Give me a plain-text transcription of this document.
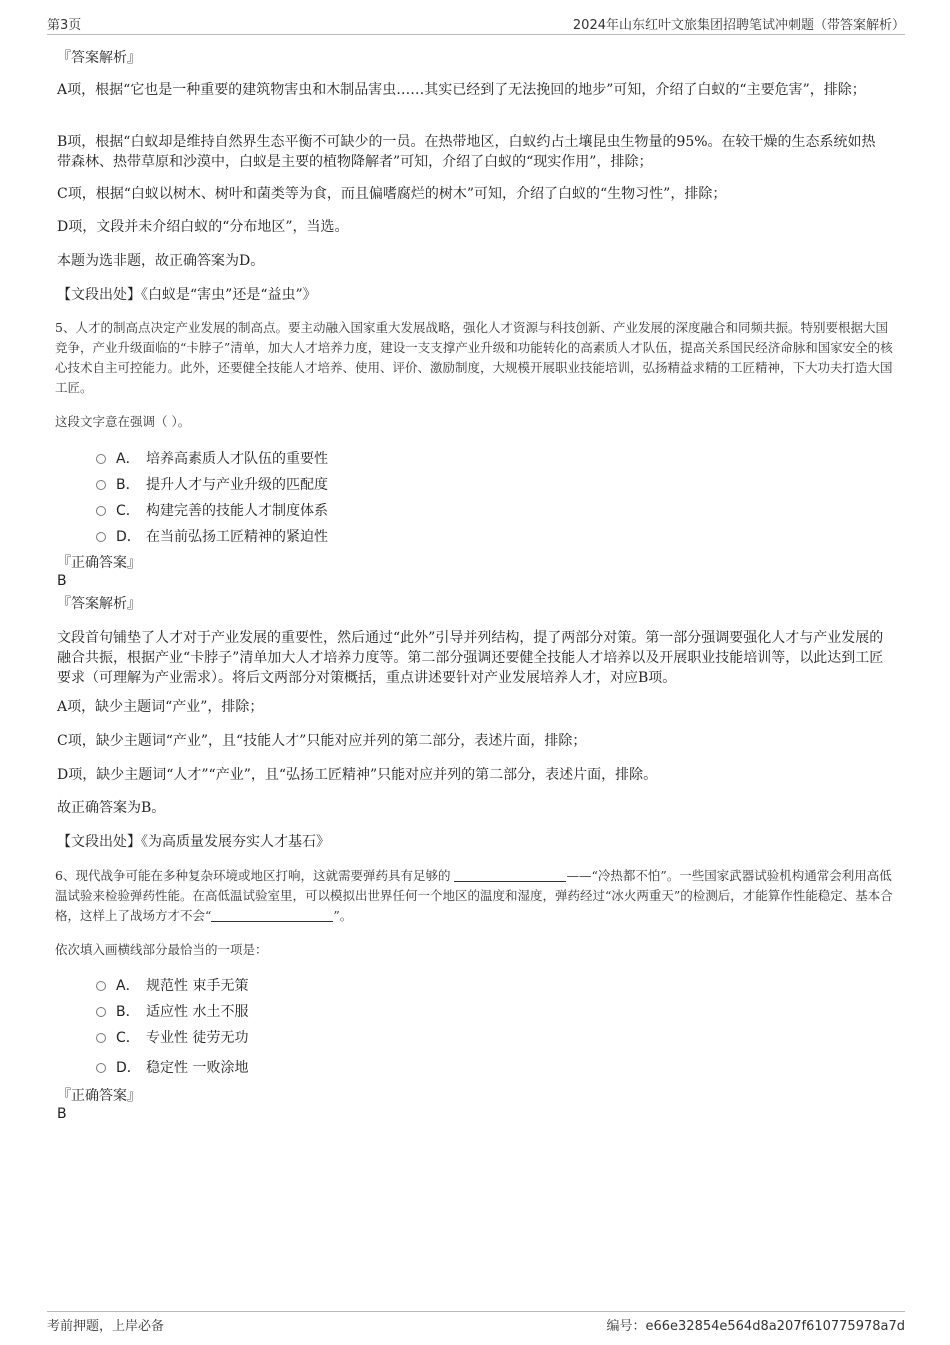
第3页	2024年山东红叶文旅集团招聘笔试冲刺题（带答案解析）
『答案解析』
A项，根据“它也是一种重要的建筑物害虫和木制品害虫……其实已经到了无法挽回的地步”可知，介绍了白蚁的“主要危害”，排除；
B项，根据“白蚁却是维持自然界生态平衡不可缺少的一员。在热带地区，白蚁约占土壤昆虫生物量的95%。在较干燥的生态系统如热带森林、热带草原和沙漠中，白蚁是主要的植物降解者”可知，介绍了白蚁的“现实作用”，排除；
C项，根据“白蚁以树木、树叶和菌类等为食，而且偏嗜腐烂的树木”可知，介绍了白蚁的“生物习性”，排除；
D项，文段并未介绍白蚁的“分布地区”，当选。
本题为选非题，故正确答案为D。
【文段出处】《白蚁是“害虫”还是“益虫”》
5、人才的制高点决定产业发展的制高点。要主动融入国家重大发展战略，强化人才资源与科技创新、产业发展的深度融合和同频共振。特别要根据大国竞争，产业升级面临的“卡脖子”清单，加大人才培养力度，建设一支支撑产业升级和功能转化的高素质人才队伍，提高关系国民经济命脉和国家安全的核心技术自主可控能力。此外，还要健全技能人才培养、使用、评价、激励制度，大规模开展职业技能培训，弘扬精益求精的工匠精神，下大功夫打造大国工匠。
这段文字意在强调（ ）。
A． 培养高素质人才队伍的重要性
B． 提升人才与产业升级的匹配度
C． 构建完善的技能人才制度体系
D． 在当前弘扬工匠精神的紧迫性
『正确答案』
B
『答案解析』
文段首句铺垫了人才对于产业发展的重要性，然后通过“此外”引导并列结构，提了两部分对策。第一部分强调要强化人才与产业发展的融合共振，根据产业“卡脖子”清单加大人才培养力度等。第二部分强调还要健全技能人才培养以及开展职业技能培训等，以此达到工匠要求（可理解为产业需求）。将后文两部分对策概括，重点讲述要针对产业发展培养人才，对应B项。
A项，缺少主题词“产业”，排除；
C项，缺少主题词“产业”，且“技能人才”只能对应并列的第二部分，表述片面，排除；
D项，缺少主题词“人才”“产业”，且“弘扬工匠精神”只能对应并列的第二部分，表述片面，排除。
故正确答案为B。
【文段出处】《为高质量发展夯实人才基石》
6、现代战争可能在多种复杂环境或地区打响，这就需要弹药具有足够的	——“冷热都不怕”。一些国家武器试验机构通常会利用高低温试验来检验弹药性能。在高低温试验室里，可以模拟出世界任何一个地区的温度和湿度，弹药经过“冰火两重天”的检测后，才能算作性能稳定、基本合格，这样上了战场方才不会“	”。
依次填入画横线部分最恰当的一项是：
A． 规范性 束手无策
B． 适应性 水土不服
C． 专业性 徒劳无功
D． 稳定性 一败涂地
『正确答案』
B
考前押题，上岸必备	编号：e66e32854e564d8a207f610775978a7d
